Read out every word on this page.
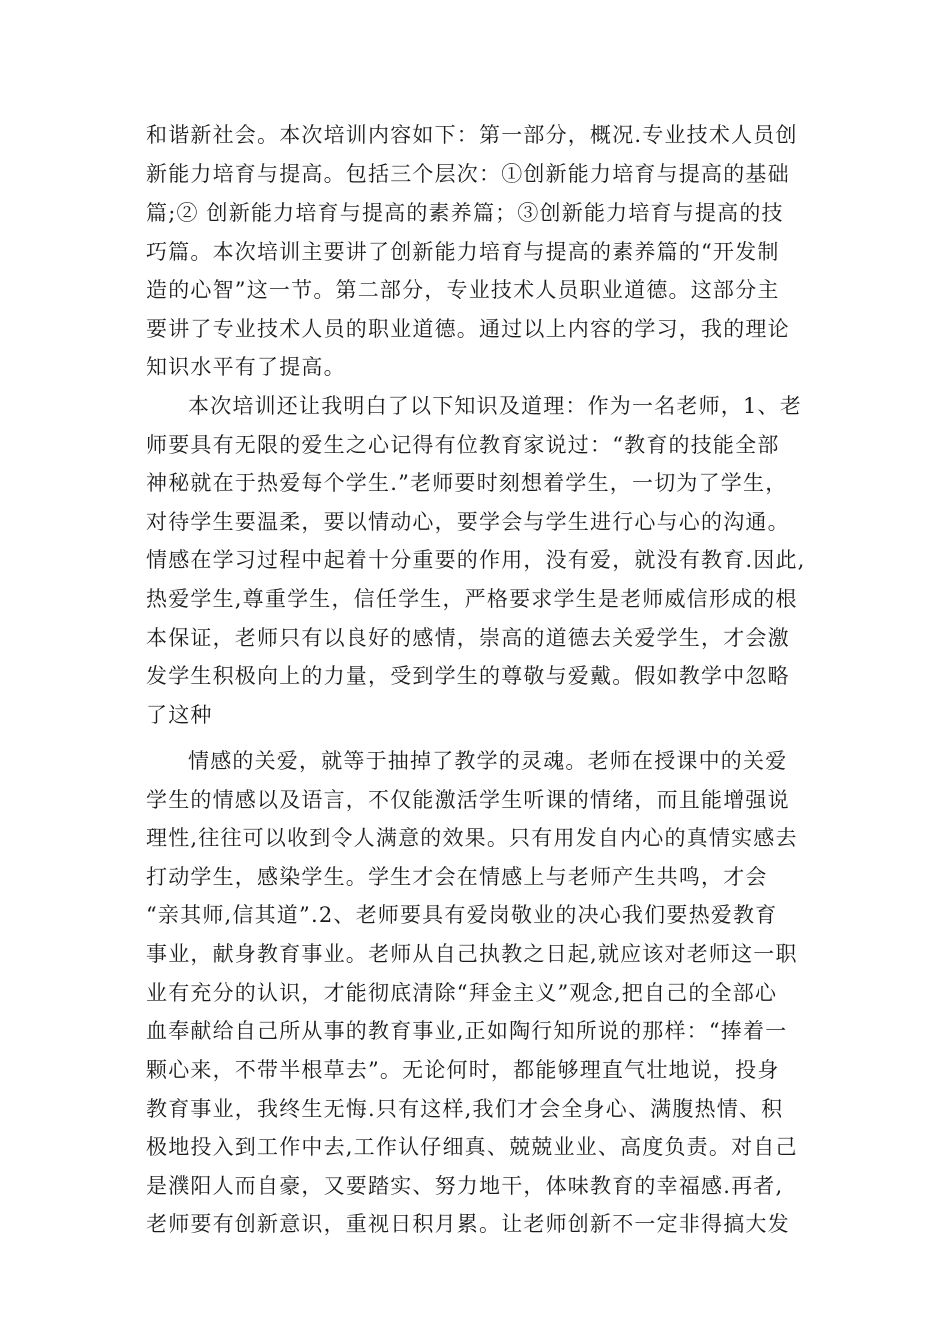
和谐新社会。本次培训内容如下：第一部分，概况.专业技术人员创
新能力培育与提高。包括三个层次：①创新能力培育与提高的基础
篇;② 创新能力培育与提高的素养篇；③创新能力培育与提高的技
巧篇。本次培训主要讲了创新能力培育与提高的素养篇的“开发制
造的心智”这一节。第二部分，专业技术人员职业道德。这部分主
要讲了专业技术人员的职业道德。通过以上内容的学习，我的理论
知识水平有了提高。
本次培训还让我明白了以下知识及道理：作为一名老师，1、老
师要具有无限的爱生之心记得有位教育家说过：“教育的技能全部
神秘就在于热爱每个学生.”老师要时刻想着学生，一切为了学生，
对待学生要温柔，要以情动心，要学会与学生进行心与心的沟通。
情感在学习过程中起着十分重要的作用，没有爱，就没有教育.因此,
热爱学生,尊重学生，信任学生，严格要求学生是老师威信形成的根
本保证，老师只有以良好的感情，崇高的道德去关爱学生，才会激
发学生积极向上的力量，受到学生的尊敬与爱戴。假如教学中忽略
了这种
情感的关爱，就等于抽掉了教学的灵魂。老师在授课中的关爱
学生的情感以及语言，不仅能激活学生听课的情绪，而且能增强说
理性,往往可以收到令人满意的效果。只有用发自内心的真情实感去
打动学生，感染学生。学生才会在情感上与老师产生共鸣，才会
“亲其师,信其道”.2、老师要具有爱岗敬业的决心我们要热爱教育
事业，献身教育事业。老师从自己执教之日起,就应该对老师这一职
业有充分的认识，才能彻底清除“拜金主义”观念,把自己的全部心
血奉献给自己所从事的教育事业,正如陶行知所说的那样：“捧着一
颗心来，不带半根草去”。无论何时，都能够理直气壮地说，投身
教育事业，我终生无悔.只有这样,我们才会全身心、满腹热情、积
极地投入到工作中去,工作认仔细真、兢兢业业、高度负责。对自己
是濮阳人而自豪，又要踏实、努力地干，体味教育的幸福感.再者,
老师要有创新意识，重视日积月累。让老师创新不一定非得搞大发
